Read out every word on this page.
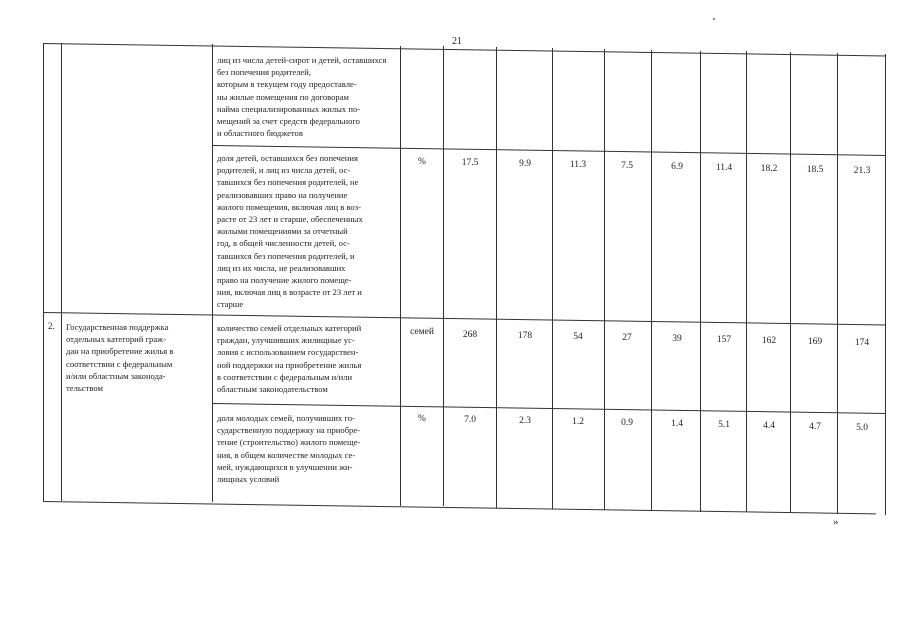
21
лиц из числа детей-сирот и детей, оставшихся без попечения родителей,
которым в текущем году предоставле-
ны жилые помещения по договорам
найма специализированных жилых по-
мещений за счет средств федерального
и областного бюджетов
доля детей, оставшихся без попечения
родителей, и лиц из числа детей, ос-
тавшихся без попечения родителей, не
реализовавших право на получение
жилого помещения, включая лиц в воз-
расте от 23 лет и старше, обеспеченных
жилыми помещениями за отчетный
год, в общей численности детей, ос-
тавшихся без попечения родителей, и
лиц из их числа, не реализовавших
право на получение жилого помеще-
ния, включая лиц в возрасте от 23 лет и
старше
%	17.5	9.9	11.3	7.5	6.9	11.4	18.2	18.5	21.3
2. Государственная поддержка
отдельных категорий граж-
дан на приобретение жилья в
соответствии с федеральным
и/или областным законода-
тельством
количество семей отдельных категорий
граждан, улучшивших жилищные ус-
ловия с использованием государствен-
ной поддержки на приобретение жилья
в соответствии с федеральным и/или
областным законодательством
семей	268	178	54	27	39	157	162	169	174
доля молодых семей, получивших го-
сударственную поддержку на приобре-
тение (строительство) жилого помеще-
ния, в общем количестве молодых се-
мей, нуждающихся в улучшении жи-
лищных условий
%	7.0	2.3	1.2	0.9	1.4	5.1	4.4	4.7	5.0
»
